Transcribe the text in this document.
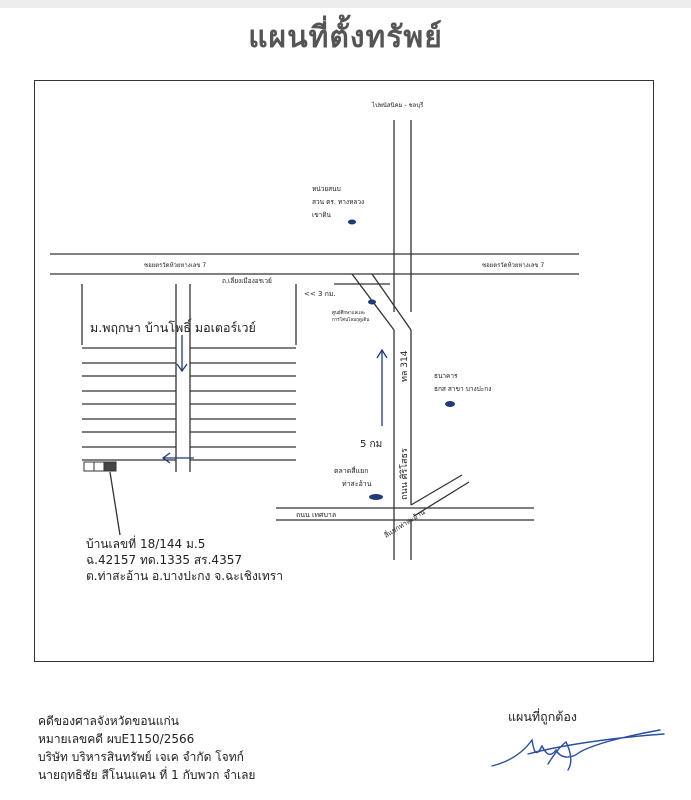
แผนที่ตั้งทรัพย์
ไปพนัสนิคม - ชลบุรี
ซอยตรวัดห้วยหางเลข 7	ซอยตรวัดห้วยหางเลข 7
ถ.เลี่ยงเมืองอรเวย์
<< 3 กม.
หน่วยสนบ
สวน ตร. ทางหลวง
เขาดิน
ศูนย์ศึกษาแลและ
การโค่นไลมฤดูเดิน
ม.พฤกษา บ้านโพธิ์ มอเตอร์เวย์
ทล 314
ถนน ศิริโสธร
ธนาคาร
ธกส สาขา บางปะกง
5 กม
ตลาดสี่แยก
ท่าสะอ้าน
ถนน เทศบาล	สี่แยกท่าสะอ้าน
บ้านเลขที่ 18/144 ม.5
ฉ.42157 ทด.1335 สร.4357
ต.ท่าสะอ้าน อ.บางปะกง จ.ฉะเชิงเทรา
คดีของศาลจังหวัดขอนแก่น
หมายเลขคดี ผบE1150/2566
บริษัท บริหารสินทรัพย์ เจเค จำกัด โจทก์
นายฤทธิชัย สีโนนแคน ที่ 1 กับพวก จำเลย
แผนที่ถูกต้อง
